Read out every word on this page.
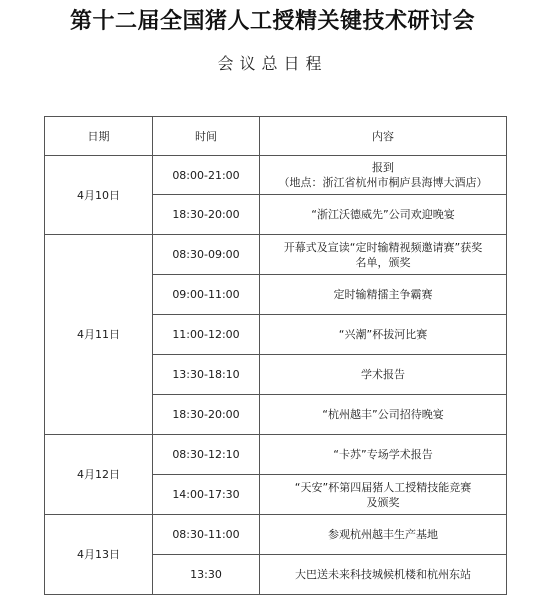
第十二届全国猪人工授精关键技术研讨会
会议总日程
日期	时间	内容
4月10日	08:00-21:00	报到
（地点：浙江省杭州市桐庐县海博大酒店）

	18:30-20:00	“浙江沃德威先”公司欢迎晚宴
4月11日	08:30-09:00	开幕式及宣读“定时输精视频邀请赛”获奖
名单，颁奖

	09:00-11:00	定时输精擂主争霸赛
	11:00-12:00	“兴潮”杯拔河比赛
	13:30-18:10	学术报告
	18:30-20:00	“杭州越丰”公司招待晚宴
4月12日	08:30-12:10	“卡苏”专场学术报告
	14:00-17:30	“天安”杯第四届猪人工授精技能竞赛
及颁奖

4月13日	08:30-11:00	参观杭州越丰生产基地
	13:30	大巴送未来科技城候机楼和杭州东站
